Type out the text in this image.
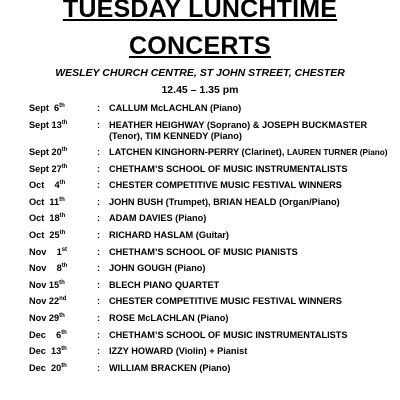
TUESDAY LUNCHTIME
CONCERTS
WESLEY CHURCH CENTRE, ST JOHN STREET, CHESTER
12.45 – 1.35 pm
Sept  6th	: CALLUM McLACHLAN (Piano)
Sept 13th	: HEATHER HEIGHWAY (Soprano) & JOSEPH BUCKMASTER (Tenor), TIM KENNEDY (Piano)
Sept 20th	: LATCHEN KINGHORN-PERRY (Clarinet), LAUREN TURNER (Piano)
Sept 27th	: CHETHAM’S SCHOOL OF MUSIC INSTRUMENTALISTS
Oct    4th	: CHESTER COMPETITIVE MUSIC FESTIVAL WINNERS
Oct  11th	: JOHN BUSH (Trumpet), BRIAN HEALD (Organ/Piano)
Oct  18th	: ADAM DAVIES (Piano)
Oct  25th	: RICHARD HASLAM (Guitar)
Nov    1st	: CHETHAM’S SCHOOL OF MUSIC PIANISTS
Nov    8th	: JOHN GOUGH (Piano)
Nov 15th	: BLECH PIANO QUARTET
Nov 22nd	: CHESTER COMPETITIVE MUSIC FESTIVAL WINNERS
Nov 29th	: ROSE McLACHLAN (Piano)
Dec    6th	: CHETHAM’S SCHOOL OF MUSIC INSTRUMENTALISTS
Dec  13th	: IZZY HOWARD (Violin) + Pianist
Dec  20th	: WILLIAM BRACKEN (Piano)
